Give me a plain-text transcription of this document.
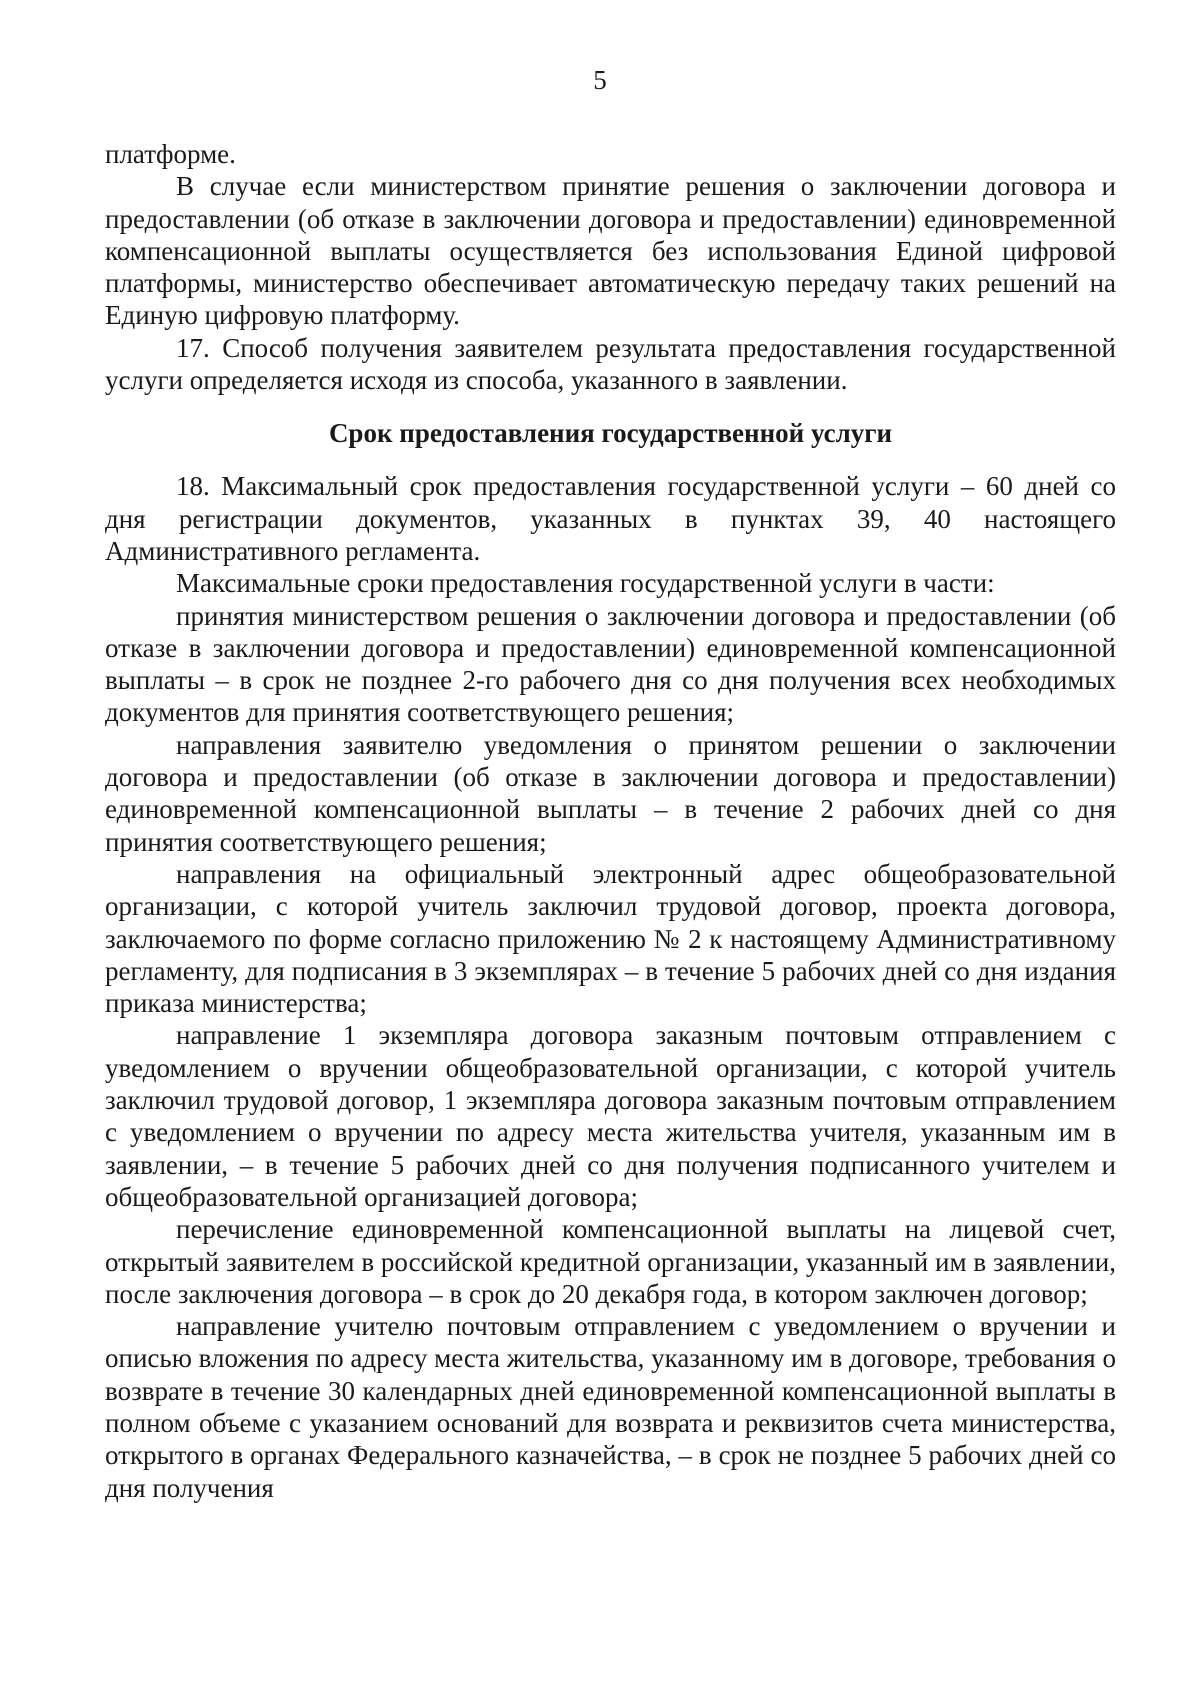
5

платформе.

В случае если министерством принятие решения о заключении договора и предоставлении (об отказе в заключении договора и предоставлении) единовременной компенсационной выплаты осуществляется без использования Единой цифровой платформы, министерство обеспечивает автоматическую передачу таких решений на Единую цифровую платформу.

17. Способ получения заявителем результата предоставления государственной услуги определяется исходя из способа, указанного в заявлении.

Срок предоставления государственной услуги

18. Максимальный срок предоставления государственной услуги – 60 дней со дня регистрации документов, указанных в пунктах 39, 40 настоящего Административного регламента.

Максимальные сроки предоставления государственной услуги в части:

принятия министерством решения о заключении договора и предоставлении (об отказе в заключении договора и предоставлении) единовременной компенсационной выплаты – в срок не позднее 2-го рабочего дня со дня получения всех необходимых документов для принятия соответствующего решения;

направления заявителю уведомления о принятом решении о заключении договора и предоставлении (об отказе в заключении договора и предоставлении) единовременной компенсационной выплаты – в течение 2 рабочих дней со дня принятия соответствующего решения;

направления на официальный электронный адрес общеобразовательной организации, с которой учитель заключил трудовой договор, проекта договора, заключаемого по форме согласно приложению № 2 к настоящему Административному регламенту, для подписания в 3 экземплярах – в течение 5 рабочих дней со дня издания приказа министерства;

направление 1 экземпляра договора заказным почтовым отправлением с уведомлением о вручении общеобразовательной организации, с которой учитель заключил трудовой договор, 1 экземпляра договора заказным почтовым отправлением с уведомлением о вручении по адресу места жительства учителя, указанным им в заявлении, – в течение 5 рабочих дней со дня получения подписанного учителем и общеобразовательной организацией договора;

перечисление единовременной компенсационной выплаты на лицевой счет, открытый заявителем в российской кредитной организации, указанный им в заявлении, после заключения договора – в срок до 20 декабря года, в котором заключен договор;

направление учителю почтовым отправлением с уведомлением о вручении и описью вложения по адресу места жительства, указанному им в договоре, требования о возврате в течение 30 календарных дней единовременной компенсационной выплаты в полном объеме с указанием оснований для возврата и реквизитов счета министерства, открытого в органах Федерального казначейства, – в срок не позднее 5 рабочих дней со дня получения
